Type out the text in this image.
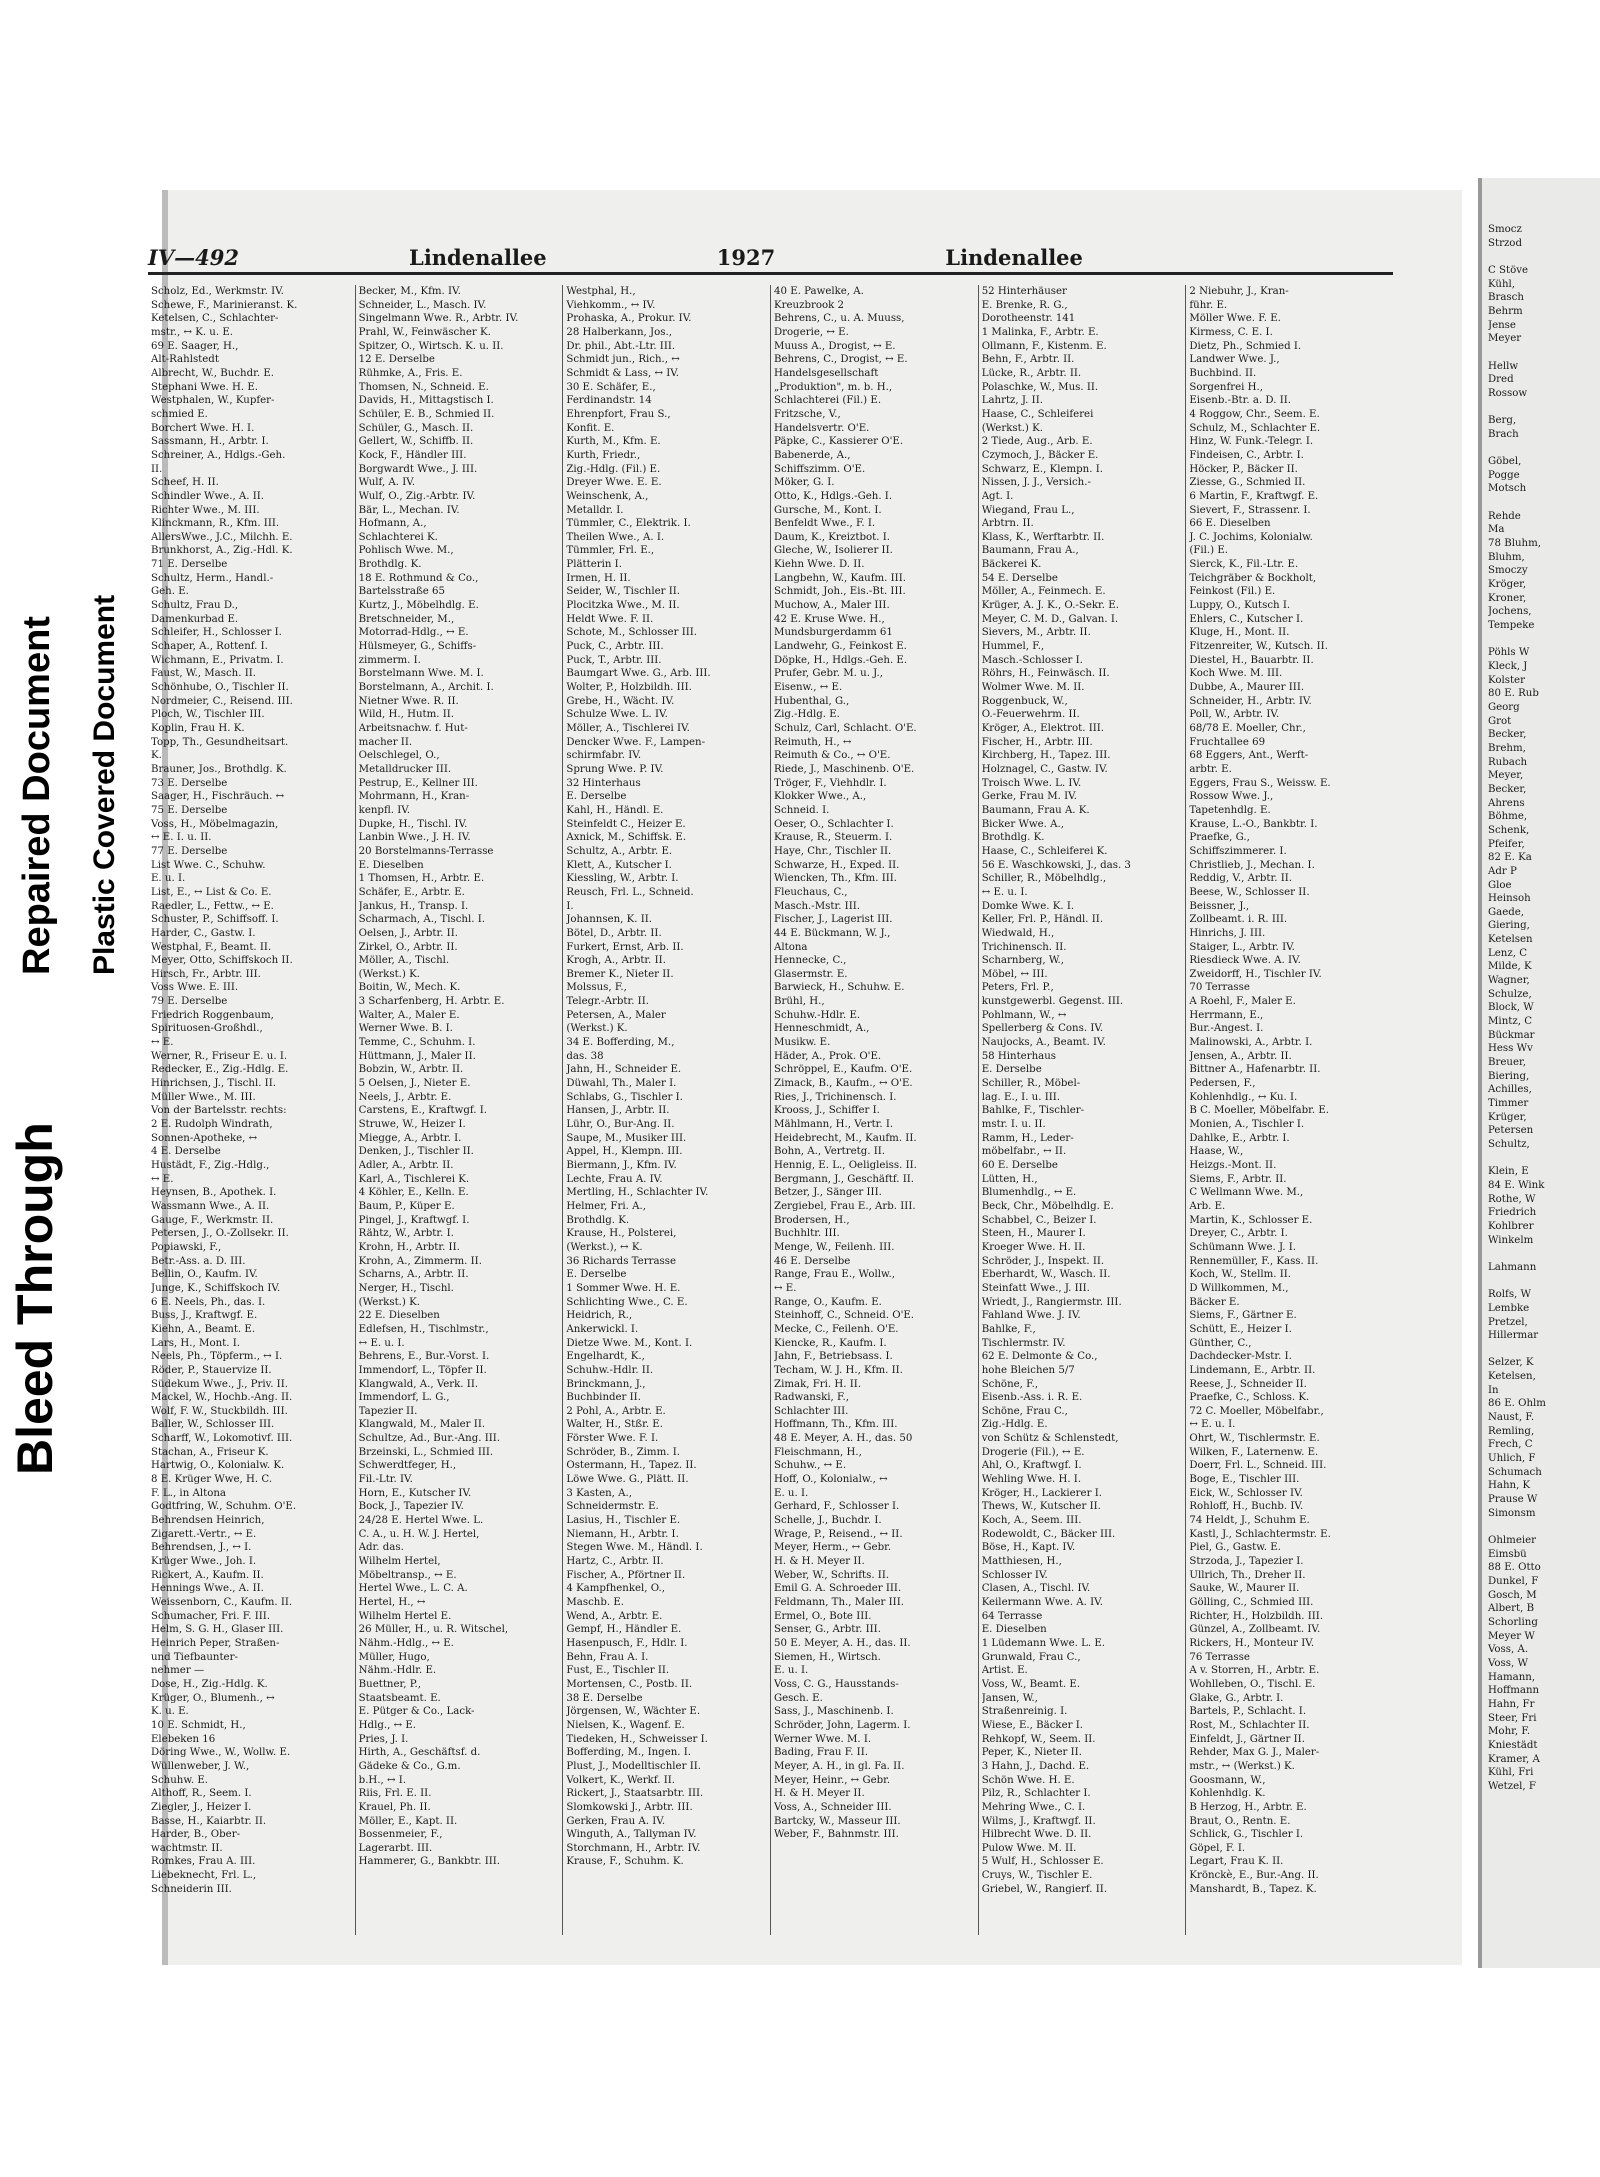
Bleed Through
Repaired Document Plastic Covered Document
IV—492	Lindenallee	1927	Lindenallee
Scholz, Ed., Werkmstr. IV.
Schewe, F., Marinieranst. K.
Ketelsen, C., Schlachter-
mstr., ↔ K. u. E.
69 E. Saager, H.,
Alt-Rahlstedt
Albrecht, W., Buchdr. E.
Stephani Wwe. H. E.
Westphalen, W., Kupfer-
schmied E.
Borchert Wwe. H. I.
Sassmann, H., Arbtr. I.
Schreiner, A., Hdlgs.-Geh.
II.
Scheef, H. II.
Schindler Wwe., A. II.
Richter Wwe., M. III.
Klinckmann, R., Kfm. III.
AllersWwe., J.C., Milchh. E.
Brunkhorst, A., Zig.-Hdl. K.
71 E. Derselbe
Schultz, Herm., Handl.-
Geh. E.
Schultz, Frau D.,
Damenkurbad E.
Schleifer, H., Schlosser I.
Schaper, A., Rottenf. I.
Wichmann, E., Privatm. I.
Faust, W., Masch. II.
Schönhube, O., Tischler II.
Nordmeier, C., Reisend. III.
Ploch, W., Tischler III.
Koplin, Frau H. K.
Topp, Th., Gesundheitsart.
K.
Brauner, Jos., Brothdlg. K.
73 E. Derselbe
Saager, H., Fischräuch. ↔
75 E. Derselbe
Voss, H., Möbelmagazin,
↔ E. I. u. II.
77 E. Derselbe
List Wwe. C., Schuhw.
E. u. I.
List, E., ↔ List & Co. E.
Raedler, L., Fettw., ↔ E.
Schuster, P., Schiffsoff. I.
Harder, C., Gastw. I.
Westphal, F., Beamt. II.
Meyer, Otto, Schiffskoch II.
Hirsch, Fr., Arbtr. III.
Voss Wwe. E. III.
79 E. Derselbe
Friedrich Roggenbaum,
Spirituosen-Großhdl.,
↔ E.
Werner, R., Friseur E. u. I.
Redecker, E., Zig.-Hdlg. E.
Hinrichsen, J., Tischl. II.
Müller Wwe., M. III.
Von der Bartelsstr. rechts:
2 E. Rudolph Windrath,
Sonnen-Apotheke, ↔
4 E. Derselbe
Hustädt, F., Zig.-Hdlg.,
↔ E.
Heynsen, B., Apothek. I.
Wassmann Wwe., A. II.
Gauge, F., Werkmstr. II.
Petersen, J., O.-Zollsekr. II.
Popiawski, F.,
Betr.-Ass. a. D. III.
Bellin, O., Kaufm. IV.
Junge, K., Schiffskoch IV.
6 E. Neels, Ph., das. I.
Buss, J., Kraftwgf. E.
Kiehn, A., Beamt. E.
Lars, H., Mont. I.
Neels, Ph., Töpferm., ↔ I.
Röder, P., Stauervize II.
Südekum Wwe., J., Priv. II.
Mackel, W., Hochb.-Ang. II.
Wolf, F. W., Stuckbildh. III.
Baller, W., Schlosser III.
Scharff, W., Lokomotivf. III.
Stachan, A., Friseur K.
Hartwig, O., Kolonialw. K.
8 E. Krüger Wwe, H. C.
F. L., in Altona
Godtfring, W., Schuhm. O'E.
Behrendsen Heinrich,
Zigarett.-Vertr., ↔ E.
Behrendsen, J., ↔ I.
Krüger Wwe., Joh. I.
Rickert, A., Kaufm. II.
Hennings Wwe., A. II.
Weissenborn, C., Kaufm. II.
Schumacher, Fri. F. III.
Helm, S. G. H., Glaser III.
Heinrich Peper, Straßen-
und Tiefbaunter-
nehmer —
Dose, H., Zig.-Hdlg. K.
Krüger, O., Blumenh., ↔
K. u. E.
10 E. Schmidt, H.,
Elebeken 16
Döring Wwe., W., Wollw. E.
Wüllenweber, J. W.,
Schuhw. E.
Althoff, R., Seem. I.
Ziegler, J., Heizer I.
Basse, H., Kaiarbtr. II.
Harder, B., Ober-
wachtmstr. II.
Romkes, Frau A. III.
Liebeknecht, Frl. L.,
Schneiderin III.
Becker, M., Kfm. IV.
Schneider, L., Masch. IV.
Singelmann Wwe. R., Arbtr. IV.
Prahl, W., Feinwäscher K.
Spitzer, O., Wirtsch. K. u. II.
12 E. Derselbe
Rühmke, A., Fris. E.
Thomsen, N., Schneid. E.
Davids, H., Mittagstisch I.
Schüler, E. B., Schmied II.
Schüler, G., Masch. II.
Gellert, W., Schiffb. II.
Kock, F., Händler III.
Borgwardt Wwe., J. III.
Wulf, A. IV.
Wulf, O., Zig.-Arbtr. IV.
Bär, L., Mechan. IV.
Hofmann, A.,
Schlachterei K.
Pohlisch Wwe. M.,
Brothdlg. K.
18 E. Rothmund & Co.,
Bartelsstraße 65
Kurtz, J., Möbelhdlg. E.
Bretschneider, M.,
Motorrad-Hdlg., ↔ E.
Hülsmeyer, G., Schiffs-
zimmerm. I.
Borstelmann Wwe. M. I.
Borstelmann, A., Archit. I.
Nietner Wwe. R. II.
Wild, H., Hutm. II.
Arbeitsnachw. f. Hut-
macher II.
Oelschlegel, O.,
Metalldrucker III.
Pestrup, E., Kellner III.
Mohrmann, H., Kran-
kenpfl. IV.
Dupke, H., Tischl. IV.
Lanbin Wwe., J. H. IV.
20 Borstelmanns-Terrasse
E. Dieselben
1 Thomsen, H., Arbtr. E.
Schäfer, E., Arbtr. E.
Jankus, H., Transp. I.
Scharmach, A., Tischl. I.
Oelsen, J., Arbtr. II.
Zirkel, O., Arbtr. II.
Möller, A., Tischl.
(Werkst.) K.
Boitin, W., Mech. K.
3 Scharfenberg, H. Arbtr. E.
Walter, A., Maler E.
Werner Wwe. B. I.
Temme, C., Schuhm. I.
Hüttmann, J., Maler II.
Bobzin, W., Arbtr. II.
5 Oelsen, J., Nieter E.
Neels, J., Arbtr. E.
Carstens, E., Kraftwgf. I.
Struwe, W., Heizer I.
Miegge, A., Arbtr. I.
Denken, J., Tischler II.
Adler, A., Arbtr. II.
Karl, A., Tischlerei K.
4 Köhler, E., Kelln. E.
Baum, P., Küper E.
Pingel, J., Kraftwgf. I.
Rähtz, W., Arbtr. I.
Krohn, H., Arbtr. II.
Krohn, A., Zimmerm. II.
Scharns, A., Arbtr. II.
Nerger, H., Tischl.
(Werkst.) K.
22 E. Dieselben
Edlefsen, H., Tischlmstr.,
↔ E. u. I.
Behrens, E., Bur.-Vorst. I.
Immendorf, L., Töpfer II.
Klangwald, A., Verk. II.
Immendorf, L. G.,
Tapezier II.
Klangwald, M., Maler II.
Schultze, Ad., Bur.-Ang. III.
Brzeinski, L., Schmied III.
Schwerdtfeger, H.,
Fil.-Ltr. IV.
Horn, E., Kutscher IV.
Bock, J., Tapezier IV.
24/28 E. Hertel Wwe. L.
C. A., u. H. W. J. Hertel,
Adr. das.
Wilhelm Hertel,
Möbeltransp., ↔ E.
Hertel Wwe., L. C. A.
Hertel, H., ↔
Wilhelm Hertel E.
26 Müller, H., u. R. Witschel,
Nähm.-Hdlg., ↔ E.
Müller, Hugo,
Nähm.-Hdlr. E.
Buettner, P.,
Staatsbeamt. E.
E. Pütger & Co., Lack-
Hdlg., ↔ E.
Pries, J. I.
Hirth, A., Geschäftsf. d.
Gädeke & Co., G.m.
b.H., ↔ I.
Riis, Frl. E. II.
Krauel, Ph. II.
Möller, E., Kapt. II.
Bossenmeier, F.,
Lagerarbt. III.
Hammerer, G., Bankbtr. III.
Westphal, H.,
Viehkomm., ↔ IV.
Prohaska, A., Prokur. IV.
28 Halberkann, Jos.,
Dr. phil., Abt.-Ltr. III.
Schmidt jun., Rich., ↔
Schmidt & Lass, ↔ IV.
30 E. Schäfer, E.,
Ferdinandstr. 14
Ehrenpfort, Frau S.,
Konfit. E.
Kurth, M., Kfm. E.
Kurth, Friedr.,
Zig.-Hdlg. (Fil.) E.
Dreyer Wwe. E. E.
Weinschenk, A.,
Metalldr. I.
Tümmler, C., Elektrik. I.
Theilen Wwe., A. I.
Tümmler, Frl. E.,
Plätterin I.
Irmen, H. II.
Seider, W., Tischler II.
Plocitzka Wwe., M. II.
Heldt Wwe. F. II.
Schote, M., Schlosser III.
Puck, C., Arbtr. III.
Puck, T., Arbtr. III.
Baumgart Wwe. G., Arb. III.
Wolter, P., Holzbildh. III.
Grebe, H., Wächt. IV.
Schulze Wwe. L. IV.
Möller, A., Tischlerei IV.
Dencker Wwe. F., Lampen-
schirmfabr. IV.
Sprung Wwe. P. IV.
32 Hinterhaus
E. Derselbe
Kahl, H., Händl. E.
Steinfeldt C., Heizer E.
Axnick, M., Schiffsk. E.
Schultz, A., Arbtr. E.
Klett, A., Kutscher I.
Kiessling, W., Arbtr. I.
Reusch, Frl. L., Schneid.
I.
Johannsen, K. II.
Bötel, D., Arbtr. II.
Furkert, Ernst, Arb. II.
Krogh, A., Arbtr. II.
Bremer K., Nieter II.
Molssus, F.,
Telegr.-Arbtr. II.
Petersen, A., Maler
(Werkst.) K.
34 E. Bofferding, M.,
das. 38
Jahn, H., Schneider E.
Düwahl, Th., Maler I.
Schlabs, G., Tischler I.
Hansen, J., Arbtr. II.
Lühr, O., Bur-Ang. II.
Saupe, M., Musiker III.
Appel, H., Klempn. III.
Biermann, J., Kfm. IV.
Lechte, Frau A. IV.
Mertling, H., Schlachter IV.
Helmer, Fri. A.,
Brothdlg. K.
Krause, H., Polsterei,
(Werkst.), ↔ K.
36 Richards Terrasse
E. Derselbe
1 Sommer Wwe. H. E.
Schlichting Wwe., C. E.
Heidrich, R.,
Ankerwickl. I.
Dietze Wwe. M., Kont. I.
Engelhardt, K.,
Schuhw.-Hdlr. II.
Brinckmann, J.,
Buchbinder II.
2 Pohl, A., Arbtr. E.
Walter, H., Stßr. E.
Förster Wwe. F. I.
Schröder, B., Zimm. I.
Ostermann, H., Tapez. II.
Löwe Wwe. G., Plätt. II.
3 Kasten, A.,
Schneidermstr. E.
Lasius, H., Tischler E.
Niemann, H., Arbtr. I.
Stegen Wwe. M., Händl. I.
Hartz, C., Arbtr. II.
Fischer, A., Pförtner II.
4 Kampfhenkel, O.,
Maschb. E.
Wend, A., Arbtr. E.
Gempf, H., Händler E.
Hasenpusch, F., Hdlr. I.
Behn, Frau A. I.
Fust, E., Tischler II.
Mortensen, C., Postb. II.
38 E. Derselbe
Jörgensen, W., Wächter E.
Nielsen, K., Wagenf. E.
Tiedeken, H., Schweisser I.
Bofferding, M., Ingen. I.
Plust, J., Modelltischler II.
Volkert, K., Werkf. II.
Rickert, J., Staatsarbtr. III.
Slomkowski J., Arbtr. III.
Gerken, Frau A. IV.
Winguth, A., Tallyman IV.
Storchmann, H., Arbtr. IV.
Krause, F., Schuhm. K.
40 E. Pawelke, A.
Kreuzbrook 2
Behrens, C., u. A. Muuss,
Drogerie, ↔ E.
Muuss A., Drogist, ↔ E.
Behrens, C., Drogist, ↔ E.
Handelsgesellschaft
„Produktion", m. b. H.,
Schlachterei (Fil.) E.
Fritzsche, V.,
Handelsvertr. O'E.
Päpke, C., Kassierer O'E.
Babenerde, A.,
Schiffszimm. O'E.
Möker, G. I.
Otto, K., Hdlgs.-Geh. I.
Gursche, M., Kont. I.
Benfeldt Wwe., F. I.
Daum, K., Kreiztbot. I.
Gleche, W., Isolierer II.
Kiehn Wwe. D. II.
Langbehn, W., Kaufm. III.
Schmidt, Joh., Eis.-Bt. III.
Muchow, A., Maler III.
42 E. Kruse Wwe. H.,
Mundsburgerdamm 61
Landwehr, G., Feinkost E.
Döpke, H., Hdlgs.-Geh. E.
Prufer, Gebr. M. u. J.,
Eisenw., ↔ E.
Hubenthal, G.,
Zig.-Hdlg. E.
Schulz, Carl, Schlacht. O'E.
Reimuth, H., ↔
Reimuth & Co., ↔ O'E.
Riede, J., Maschinenb. O'E.
Tröger, F., Viehhdlr. I.
Klokker Wwe., A.,
Schneid. I.
Oeser, O., Schlachter I.
Krause, R., Steuerm. I.
Haye, Chr., Tischler II.
Schwarze, H., Exped. II.
Wiencken, Th., Kfm. III.
Fleuchaus, C.,
Masch.-Mstr. III.
Fischer, J., Lagerist III.
44 E. Bückmann, W. J.,
Altona
Hennecke, C.,
Glasermstr. E.
Barwieck, H., Schuhw. E.
Brühl, H.,
Schuhw.-Hdlr. E.
Henneschmidt, A.,
Musikw. E.
Häder, A., Prok. O'E.
Schröppel, E., Kaufm. O'E.
Zimack, B., Kaufm., ↔ O'E.
Ries, J., Trichinensch. I.
Krooss, J., Schiffer I.
Mählmann, H., Vertr. I.
Heidebrecht, M., Kaufm. II.
Bohn, A., Vertretg. II.
Hennig, E. L., Oeligleiss. II.
Bergmann, J., Geschäftf. II.
Betzer, J., Sänger III.
Zergiebel, Frau E., Arb. III.
Brodersen, H.,
Buchhltr. III.
Menge, W., Feilenh. III.
46 E. Derselbe
Range, Frau E., Wollw.,
↔ E.
Range, O., Kaufm. E.
Steinhoff, C., Schneid. O'E.
Mecke, C., Feilenh. O'E.
Kiencke, R., Kaufm. I.
Jahn, F., Betriebsass. I.
Techam, W. J. H., Kfm. II.
Zimak, Fri. H. II.
Radwanski, F.,
Schlachter III.
Hoffmann, Th., Kfm. III.
48 E. Meyer, A. H., das. 50
Fleischmann, H.,
Schuhw., ↔ E.
Hoff, O., Kolonialw., ↔
E. u. I.
Gerhard, F., Schlosser I.
Schelle, J., Buchdr. I.
Wrage, P., Reisend., ↔ II.
Meyer, Herm., ↔ Gebr.
H. & H. Meyer II.
Weber, W., Schrifts. II.
Emil G. A. Schroeder III.
Feldmann, Th., Maler III.
Ermel, O., Bote III.
Senser, G., Arbtr. III.
50 E. Meyer, A. H., das. II.
Siemen, H., Wirtsch.
E. u. I.
Voss, C. G., Hausstands-
Gesch. E.
Sass, J., Maschinenb. I.
Schröder, John, Lagerm. I.
Werner Wwe. M. I.
Bading, Frau F. II.
Meyer, A. H., in gl. Fa. II.
Meyer, Heinr., ↔ Gebr.
H. & H. Meyer II.
Voss, A., Schneider III.
Bartcky, W., Masseur III.
Weber, F., Bahnmstr. III.
52 Hinterhäuser
E. Brenke, R. G.,
Dorotheenstr. 141
1 Malinka, F., Arbtr. E.
Ollmann, F., Kistenm. E.
Behn, F., Arbtr. II.
Lücke, R., Arbtr. II.
Polaschke, W., Mus. II.
Lahrtz, J. II.
Haase, C., Schleiferei
(Werkst.) K.
2 Tiede, Aug., Arb. E.
Czymoch, J., Bäcker E.
Schwarz, E., Klempn. I.
Nissen, J. J., Versich.-
Agt. I.
Wiegand, Frau L.,
Arbtrn. II.
Klass, K., Werftarbtr. II.
Baumann, Frau A.,
Bäckerei K.
54 E. Derselbe
Möller, A., Feinmech. E.
Krüger, A. J. K., O.-Sekr. E.
Meyer, C. M. D., Galvan. I.
Sievers, M., Arbtr. II.
Hummel, F.,
Masch.-Schlosser I.
Röhrs, H., Feinwäsch. II.
Wolmer Wwe. M. II.
Roggenbuck, W.,
O.-Feuerwehrm. II.
Kröger, A., Elektrot. III.
Fischer, H., Arbtr. III.
Kirchberg, H., Tapez. III.
Holznagel, C., Gastw. IV.
Troisch Wwe. L. IV.
Gerke, Frau M. IV.
Baumann, Frau A. K.
Bicker Wwe. A.,
Brothdlg. K.
Haase, C., Schleiferei K.
56 E. Waschkowski, J., das. 3
Schiller, R., Möbelhdlg.,
↔ E. u. I.
Domke Wwe. K. I.
Keller, Frl. P., Händl. II.
Wiedwald, H.,
Trichinensch. II.
Scharnberg, W.,
Möbel, ↔ III.
Peters, Frl. P.,
kunstgewerbl. Gegenst. III.
Pohlmann, W., ↔
Spellerberg & Cons. IV.
Naujocks, A., Beamt. IV.
58 Hinterhaus
E. Derselbe
Schiller, R., Möbel-
lag. E., I. u. III.
Bahlke, F., Tischler-
mstr. I. u. II.
Ramm, H., Leder-
möbelfabr., ↔ II.
60 E. Derselbe
Lütten, H.,
Blumenhdlg., ↔ E.
Beck, Chr., Möbelhdlg. E.
Schabbel, C., Beizer I.
Steen, H., Maurer I.
Kroeger Wwe. H. II.
Schröder, J., Inspekt. II.
Eberhardt, W., Wasch. II.
Steinfatt Wwe., J. III.
Wriedt, J., Rangiermstr. III.
Fahland Wwe. J. IV.
Bahlke, F.,
Tischlermstr. IV.
62 E. Delmonte & Co.,
hohe Bleichen 5/7
Schöne, F.,
Eisenb.-Ass. i. R. E.
Schöne, Frau C.,
Zig.-Hdlg. E.
von Schütz & Schlenstedt,
Drogerie (Fil.), ↔ E.
Ahl, O., Kraftwgf. I.
Wehling Wwe. H. I.
Kröger, H., Lackierer I.
Thews, W., Kutscher II.
Koch, A., Seem. III.
Rodewoldt, C., Bäcker III.
Böse, H., Kapt. IV.
Matthiesen, H.,
Schlosser IV.
Clasen, A., Tischl. IV.
Keilermann Wwe. A. IV.
64 Terrasse
E. Dieselben
1 Lüdemann Wwe. L. E.
Grunwald, Frau C.,
Artist. E.
Voss, W., Beamt. E.
Jansen, W.,
Straßenreinig. I.
Wiese, E., Bäcker I.
Rehkopf, W., Seem. II.
Peper, K., Nieter II.
3 Hahn, J., Dachd. E.
Schön Wwe. H. E.
Pilz, R., Schlachter I.
Mehring Wwe., C. I.
Wilms, J., Kraftwgf. II.
Hilbrecht Wwe. D. II.
Pulow Wwe. M. II.
5 Wulf, H., Schlosser E.
Cruys, W., Tischler E.
Griebel, W., Rangierf. II.
2 Niebuhr, J., Kran-
führ. E.
Möller Wwe. F. E.
Kirmess, C. E. I.
Dietz, Ph., Schmied I.
Landwer Wwe. J.,
Buchbind. II.
Sorgenfrei H.,
Eisenb.-Btr. a. D. II.
4 Roggow, Chr., Seem. E.
Schulz, M., Schlachter E.
Hinz, W. Funk.-Telegr. I.
Findeisen, C., Arbtr. I.
Höcker, P., Bäcker II.
Ziesse, G., Schmied II.
6 Martin, F., Kraftwgf. E.
Sievert, F., Strassenr. I.
66 E. Dieselben
J. C. Jochims, Kolonialw.
(Fil.) E.
Sierck, K., Fil.-Ltr. E.
Teichgräber & Bockholt,
Feinkost (Fil.) E.
Luppy, O., Kutsch I.
Ehlers, C., Kutscher I.
Kluge, H., Mont. II.
Fitzenreiter, W., Kutsch. II.
Diestel, H., Bauarbtr. II.
Koch Wwe. M. III.
Dubbe, A., Maurer III.
Schneider, H., Arbtr. IV.
Poll, W., Arbtr. IV.
68/78 E. Moeller, Chr.,
Fruchtallee 69
68 Eggers, Ant., Werft-
arbtr. E.
Eggers, Frau S., Weissw. E.
Rossow Wwe. J.,
Tapetenhdlg. E.
Krause, L.-O., Bankbtr. I.
Praefke, G.,
Schiffszimmerer. I.
Christlieb, J., Mechan. I.
Reddig, V., Arbtr. II.
Beese, W., Schlosser II.
Beissner, J.,
Zollbeamt. i. R. III.
Hinrichs, J. III.
Staiger, L., Arbtr. IV.
Riesdieck Wwe. A. IV.
Zweidorff, H., Tischler IV.
70 Terrasse
A Roehl, F., Maler E.
Herrmann, E.,
Bur.-Angest. I.
Malinowski, A., Arbtr. I.
Jensen, A., Arbtr. II.
Bittner A., Hafenarbtr. II.
Pedersen, F.,
Kohlenhdlg., ↔ Ku. I.
B C. Moeller, Möbelfabr. E.
Monien, A., Tischler I.
Dahlke, E., Arbtr. I.
Haase, W.,
Heizgs.-Mont. II.
Siems, F., Arbtr. II.
C Wellmann Wwe. M.,
Arb. E.
Martin, K., Schlosser E.
Dreyer, C., Arbtr. I.
Schümann Wwe. J. I.
Rennemüller, F., Kass. II.
Koch, W., Stellm. II.
D Willkommen, M.,
Bäcker E.
Siems, F., Gärtner E.
Schütt, E., Heizer I.
Günther, C.,
Dachdecker-Mstr. I.
Lindemann, E., Arbtr. II.
Reese, J., Schneider II.
Praefke, C., Schloss. K.
72 C. Moeller, Möbelfabr.,
↔ E. u. I.
Ohrt, W., Tischlermstr. E.
Wilken, F., Laternenw. E.
Doerr, Frl. L., Schneid. III.
Boge, E., Tischler III.
Eick, W., Schlosser IV.
Rohloff, H., Buchb. IV.
74 Heldt, J., Schuhm E.
Kastl, J., Schlachtermstr. E.
Piel, G., Gastw. E.
Strzoda, J., Tapezier I.
Ullrich, Th., Dreher II.
Sauke, W., Maurer II.
Gölling, C., Schmied III.
Richter, H., Holzbildh. III.
Günzel, A., Zollbeamt. IV.
Rickers, H., Monteur IV.
76 Terrasse
A v. Storren, H., Arbtr. E.
Wohlleben, O., Tischl. E.
Glake, G., Arbtr. I.
Bartels, P., Schlacht. I.
Rost, M., Schlachter II.
Einfeldt, J., Gärtner II.
Rehder, Max G. J., Maler-
mstr., ↔ (Werkst.) K.
Goosmann, W.,
Kohlenhdlg. K.
B Herzog, H., Arbtr. E.
Braut, O., Rentn. E.
Schlick, G., Tischler I.
Göpel, F. I.
Legart, Frau K. II.
Krönckè, E., Bur.-Ang. II.
Manshardt, B., Tapez. K.
Smocz
Strzod

C Stöve
Kühl,
Brasch
Behrm
Jense
Meyer

Hellw
Dred
Rossow

Berg,
Brach

Göbel,
Pogge
Motsch

Rehde
Ma
78 Bluhm,
Bluhm,
Smoczy
Kröger,
Kroner,
Jochens,
Tempeke

Pöhls W
Kleck, J
Kolster
80 E. Rub
Georg
Grot
Becker,
Brehm,
Rubach
Meyer,
Becker,
Ahrens
Böhme,
Schenk,
Pfeifer,
82 E. Ka
Adr P
Gloe
Heinsoh
Gaede,
Giering,
Ketelsen
Lenz, C
Milde, K
Wagner,
Schulze,
Block, W
Mintz, C
Bückmar
Hess Wv
Breuer,
Biering,
Achilles,
Timmer
Krüger,
Petersen
Schultz,

Klein, E
84 E. Wink
Rothe, W
Friedrich
Kohlbrer
Winkelm

Lahmann

Rolfs, W
Lembke
Pretzel,
Hillermar

Selzer, K
Ketelsen,
In
86 E. Ohlm
Naust, F.
Remling,
Frech, C
Uhlich, F
Schumach
Hahn, K
Prause W
Simonsm

Ohlmeier
Eimsbü
88 E. Otto
Dunkel, F
Gosch, M
Albert, B
Schorling
Meyer W
Voss, A.
Voss, W
Hamann,
Hoffmann
Hahn, Fr
Steer, Fri
Mohr, F.
Kniestädt
Kramer, A
Kühl, Fri
Wetzel, F
